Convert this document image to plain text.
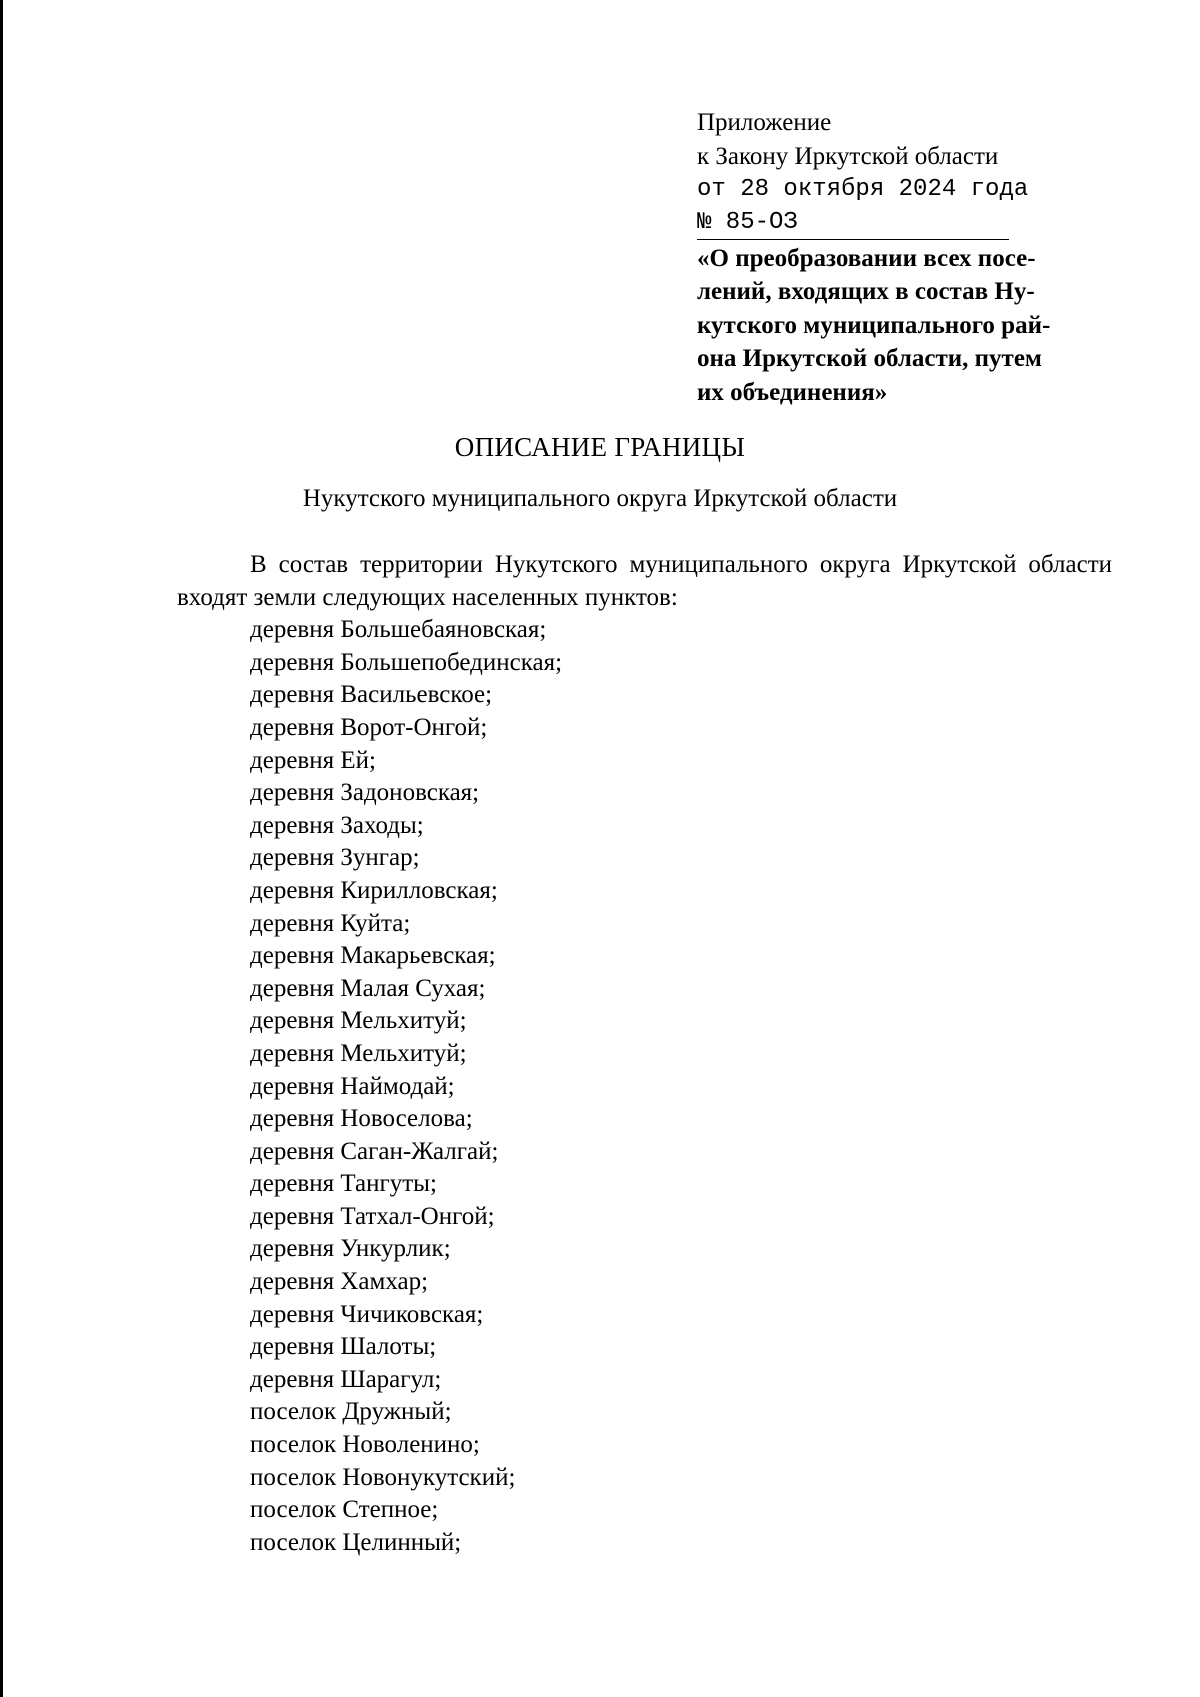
Приложение
к Закону Иркутской области
от 28 октября 2024 года
№ 85-ОЗ
«О преобразовании всех посе-
лений, входящих в состав Ну-
кутского муниципального рай-
она Иркутской области, путем
их объединения»
ОПИСАНИЕ ГРАНИЦЫ
Нукутского муниципального округа Иркутской области
В состав территории Нукутского муниципального округа Иркутской области входят земли следующих населенных пунктов:
деревня Большебаяновская;
деревня Большепобединская;
деревня Васильевское;
деревня Ворот-Онгой;
деревня Ей;
деревня Задоновская;
деревня Заходы;
деревня Зунгар;
деревня Кирилловская;
деревня Куйта;
деревня Макарьевская;
деревня Малая Сухая;
деревня Мельхитуй;
деревня Мельхитуй;
деревня Наймодай;
деревня Новоселова;
деревня Саган-Жалгай;
деревня Тангуты;
деревня Татхал-Онгой;
деревня Ункурлик;
деревня Хамхар;
деревня Чичиковская;
деревня Шалоты;
деревня Шарагул;
поселок Дружный;
поселок Новоленино;
поселок Новонукутский;
поселок Степное;
поселок Целинный;
